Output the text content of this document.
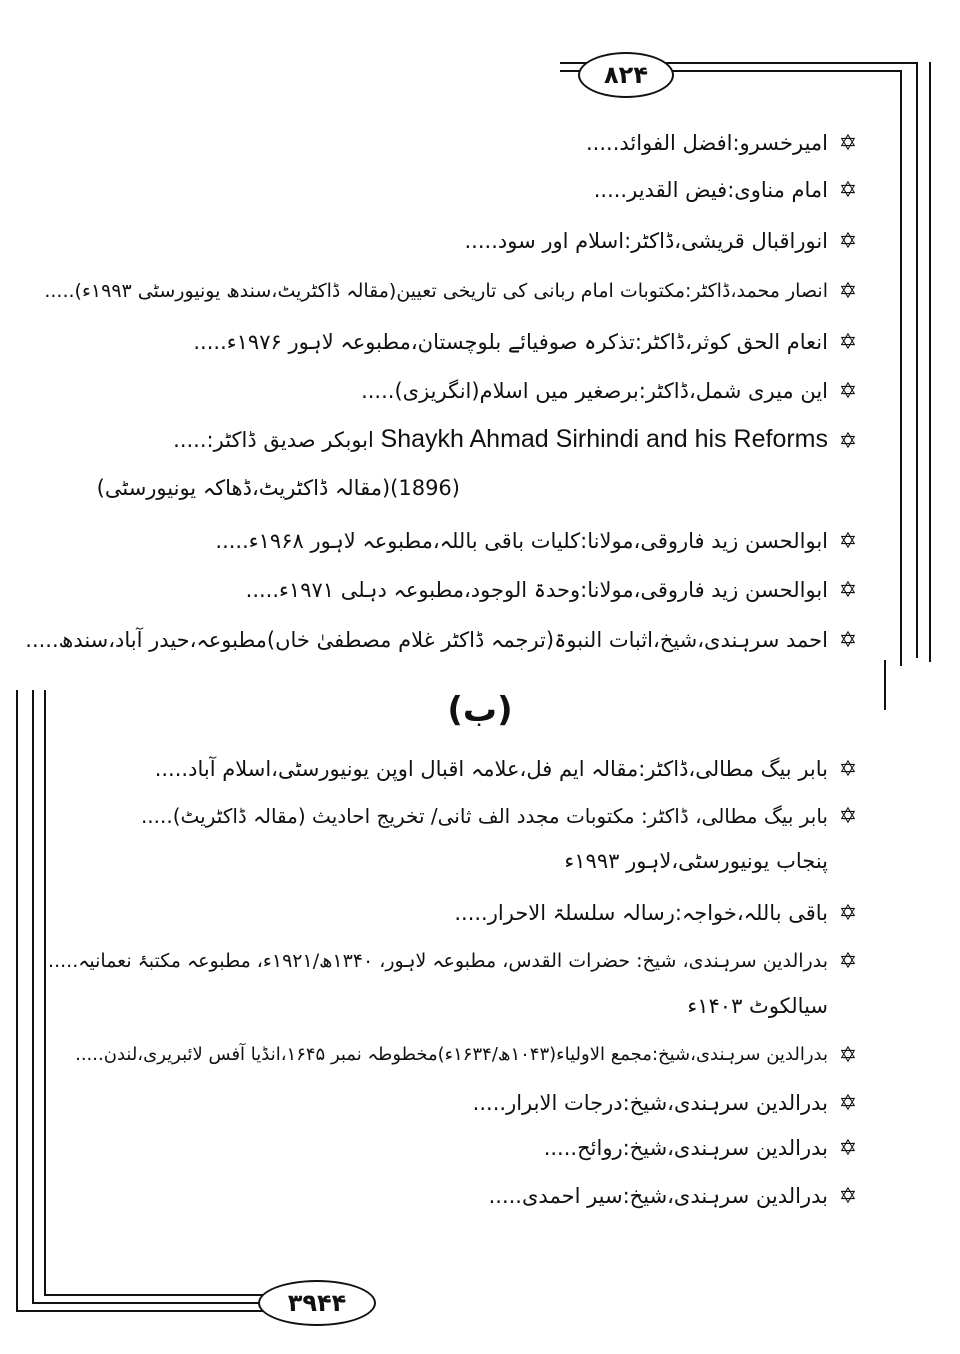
۸۲۴
✡
امیرخسرو:افضل الفوائد.....
✡
امام مناوی:فیض القدیر.....
✡
انوراقبال قریشی،ڈاکٹر:اسلام اور سود.....
✡
انصار محمد،ڈاکٹر:مکتوبات امام ربانی کی تاریخی تعیین(مقالہ ڈاکٹریٹ،سندھ یونیورسٹی ۱۹۹۳ء).....
✡
انعام الحق کوثر،ڈاکٹر:تذکرہ صوفیائے بلوچستان،مطبوعہ لاہور ۱۹۷۶ء.....
✡
این میری شمل،ڈاکٹر:برصغیر میں اسلام(انگریزی).....
✡
Shaykh Ahmad Sirhindi and his Reforms ابوبکر صدیق ڈاکٹر:.....
(1896)(مقالہ ڈاکٹریٹ،ڈھاکہ یونیورسٹی)
✡
ابوالحسن زید فاروقی،مولانا:کلیات باقی باللہ،مطبوعہ لاہور ۱۹۶۸ء.....
✡
ابوالحسن زید فاروقی،مولانا:وحدۃ الوجود،مطبوعہ دہلی ۱۹۷۱ء.....
✡
احمد سرہندی،شیخ،اثبات النبوۃ(ترجمہ ڈاکٹر غلام مصطفیٰ خاں)مطبوعہ،حیدر آباد،سندھ.....
(ب)
✡
بابر بیگ مطالی،ڈاکٹر:مقالہ ایم فل،علامہ اقبال اوپن یونیورسٹی،اسلام آباد.....
✡
بابر بیگ مطالی، ڈاکٹر: مکتوبات مجدد الف ثانی/ تخریج احادیث (مقالہ ڈاکٹریٹ).....
پنجاب یونیورسٹی،لاہور ۱۹۹۳ء
✡
باقی باللہ،خواجہ:رسالہ سلسلۃ الاحرار.....
✡
بدرالدین سرہندی، شیخ: حضرات القدس، مطبوعہ لاہور، ۱۳۴۰ھ/۱۹۲۱ء، مطبوعہ مکتبۂ نعمانیہ.....
سیالکوٹ ۱۴۰۳ء
✡
بدرالدین سرہندی،شیخ:مجمع الاولیاء(۱۰۴۳ھ/۱۶۳۴ء)مخطوطہ نمبر ۱۶۴۵،انڈیا آفس لائبریری،لندن.....
✡
بدرالدین سرہندی،شیخ:درجات الابرار.....
✡
بدرالدین سرہندی،شیخ:روائح.....
✡
بدرالدین سرہندی،شیخ:سیر احمدی.....
۳۹۴۴
